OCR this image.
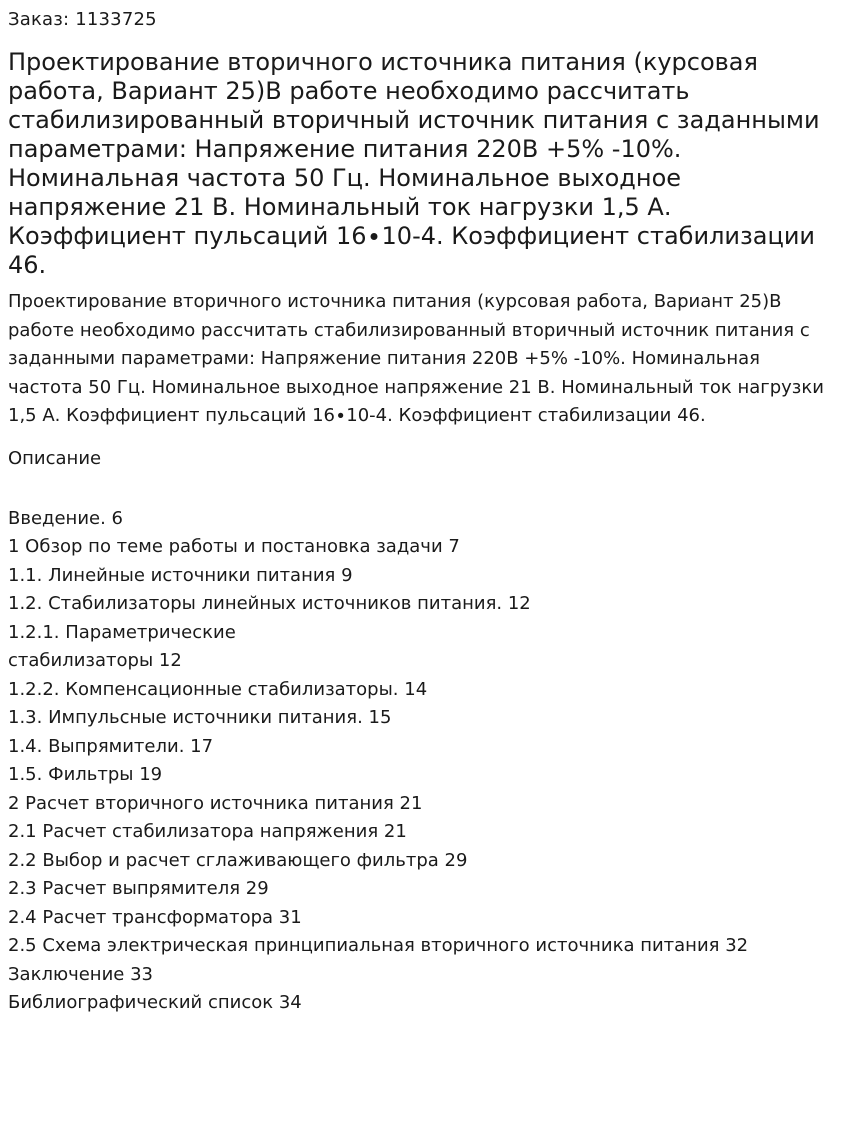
Заказ: 1133725
Проектирование вторичного источника питания (курсовая работа, Вариант 25)В работе необходимо рассчитать стабилизированный вторичный источник питания с заданными параметрами: Напряжение питания 220В +5% -10%. Номинальная частота 50 Гц. Номинальное выходное напряжение 21 В. Номинальный ток нагрузки 1,5 А. Коэффициент пульсаций 16∙10-4. Коэффициент стабилизации 46.

Проектирование вторичного источника питания (курсовая работа, Вариант 25)В работе необходимо рассчитать стабилизированный вторичный источник питания с заданными параметрами: Напряжение питания 220В +5% -10%. Номинальная частота 50 Гц. Номинальное выходное напряжение 21 В. Номинальный ток нагрузки 1,5 А. Коэффициент пульсаций 16∙10-4. Коэффициент стабилизации 46.

Описание
Введение. 6
1 Обзор по теме работы и постановка задачи 7
1.1. Линейные источники питания 9
1.2. Стабилизаторы линейных источников питания. 12
1.2.1. Параметрические
стабилизаторы 12
1.2.2. Компенсационные стабилизаторы. 14
1.3. Импульсные источники питания. 15
1.4. Выпрямители. 17
1.5. Фильтры 19
2 Расчет вторичного источника питания 21
2.1 Расчет стабилизатора напряжения 21
2.2 Выбор и расчет сглаживающего фильтра 29
2.3 Расчет выпрямителя 29
2.4 Расчет трансформатора 31
2.5 Схема электрическая принципиальная вторичного источника питания 32
Заключение 33
Библиографический список 34
